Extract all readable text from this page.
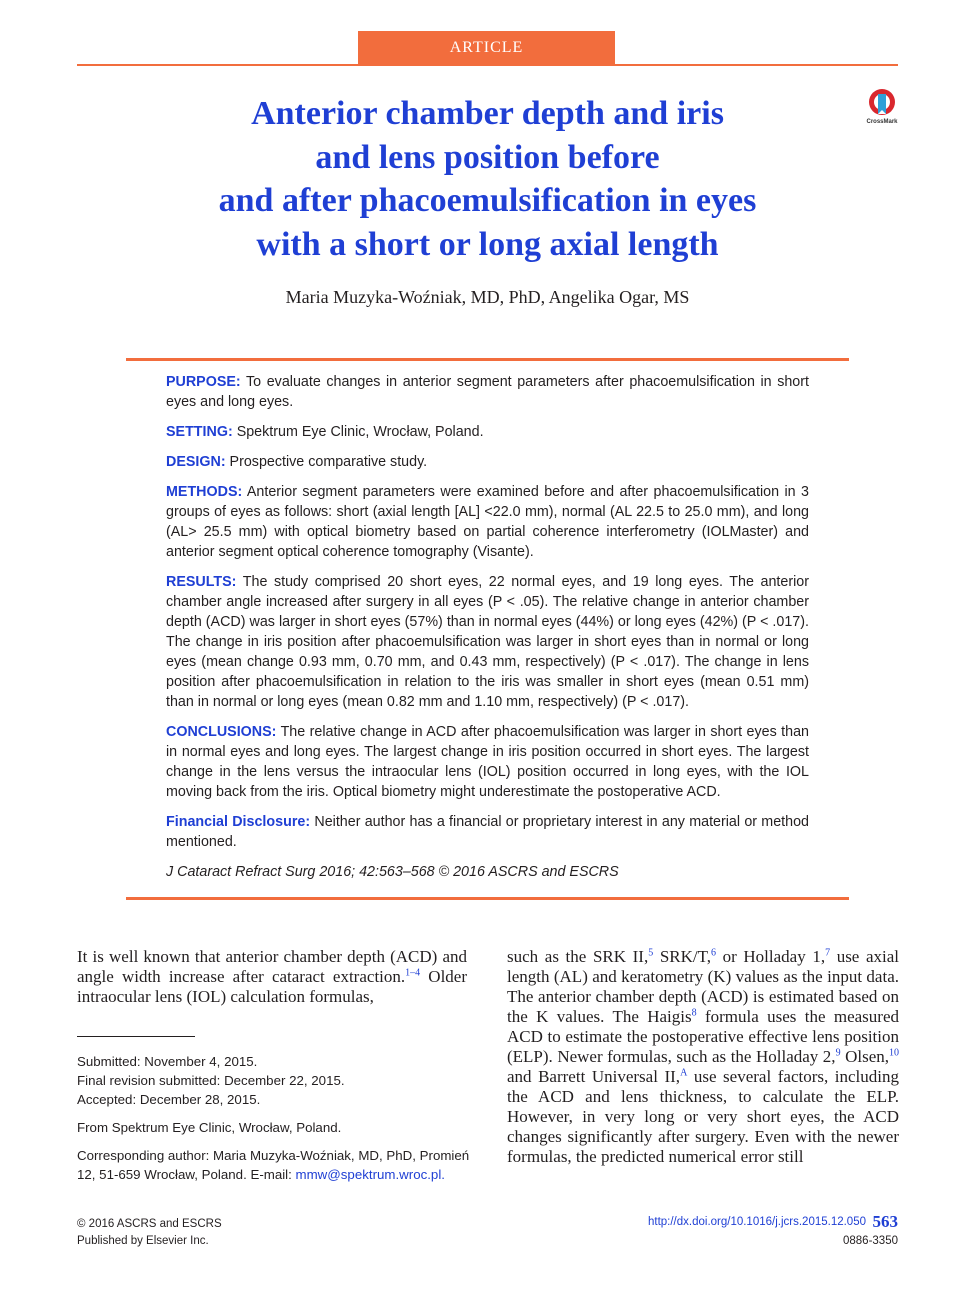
ARTICLE
CrossMark
Anterior chamber depth and iris
and lens position before
and after phacoemulsification in eyes
with a short or long axial length
Maria Muzyka-Woźniak, MD, PhD, Angelika Ogar, MS

PURPOSE: To evaluate changes in anterior segment parameters after phacoemulsification in short eyes and long eyes.

SETTING: Spektrum Eye Clinic, Wrocław, Poland.

DESIGN: Prospective comparative study.

METHODS: Anterior segment parameters were examined before and after phacoemulsification in 3 groups of eyes as follows: short (axial length [AL] <22.0 mm), normal (AL 22.5 to 25.0 mm), and long (AL> 25.5 mm) with optical biometry based on partial coherence interferometry (IOLMaster) and anterior segment optical coherence tomography (Visante).

RESULTS: The study comprised 20 short eyes, 22 normal eyes, and 19 long eyes. The anterior chamber angle increased after surgery in all eyes (P < .05). The relative change in anterior chamber depth (ACD) was larger in short eyes (57%) than in normal eyes (44%) or long eyes (42%) (P < .017). The change in iris position after phacoemulsification was larger in short eyes than in normal or long eyes (mean change 0.93 mm, 0.70 mm, and 0.43 mm, respectively) (P < .017). The change in lens position after phacoemulsification in relation to the iris was smaller in short eyes (mean 0.51 mm) than in normal or long eyes (mean 0.82 mm and 1.10 mm, respectively) (P < .017).

CONCLUSIONS: The relative change in ACD after phacoemulsification was larger in short eyes than in normal eyes and long eyes. The largest change in iris position occurred in short eyes. The largest change in the lens versus the intraocular lens (IOL) position occurred in long eyes, with the IOL moving back from the iris. Optical biometry might underestimate the postoperative ACD.

Financial Disclosure: Neither author has a financial or proprietary interest in any material or method mentioned.

J Cataract Refract Surg 2016; 42:563–568 © 2016 ASCRS and ESCRS

It is well known that anterior chamber depth (ACD) and angle width increase after cataract extraction.$^{1-4}$ Older intraocular lens (IOL) calculation formulas,

Submitted: November 4, 2015.

Final revision submitted: December 22, 2015.

Accepted: December 28, 2015.

From Spektrum Eye Clinic, Wrocław, Poland.

Corresponding author: Maria Muzyka-Woźniak, MD, PhD, Promień 12, 51-659 Wrocław, Poland. E-mail: mmw@spektrum.wroc.pl.

such as the SRK II,$^5$ SRK/T,$^6$ or Holladay 1,$^7$ use axial length (AL) and keratometry (K) values as the input data. The anterior chamber depth (ACD) is estimated based on the K values. The Haigis$^8$ formula uses the measured ACD to estimate the postoperative effective lens position (ELP). Newer formulas, such as the Holladay 2,$^9$ Olsen,$^{10}$ and Barrett Universal II,$^A$ use several factors, including the ACD and lens thickness, to calculate the ELP. However, in very long or very short eyes, the ACD changes significantly after surgery. Even with the newer formulas, the predicted numerical error still

© 2016 ASCRS and ESCRS
Published by Elsevier Inc.
http://dx.doi.org/10.1016/j.jcrs.2015.12.050 563
0886-3350
